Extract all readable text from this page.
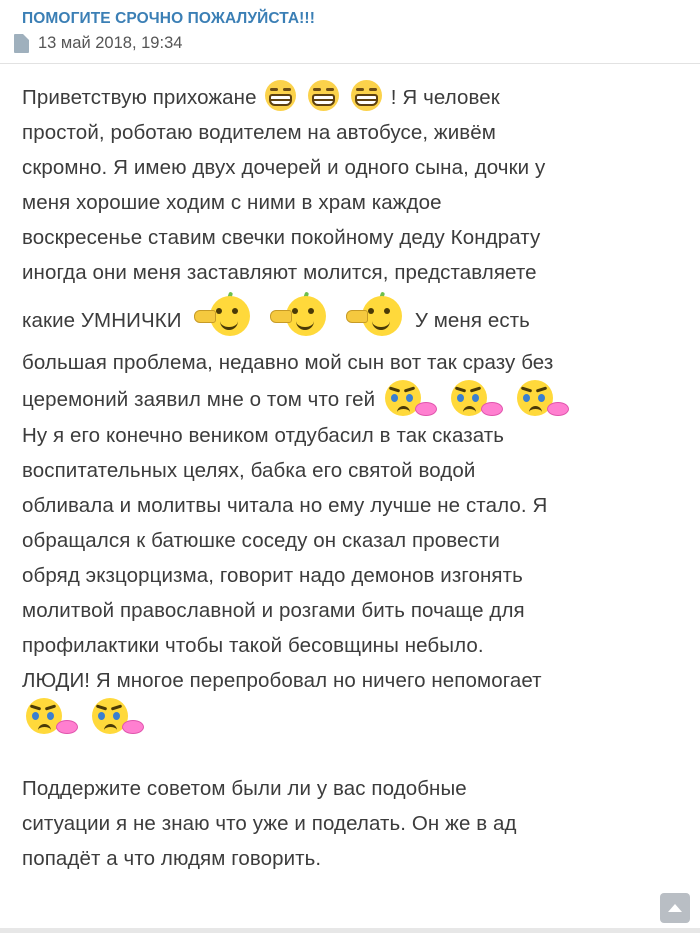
ПОМОГИТЕ СРОЧНО ПОЖАЛУЙСТА!!!
13 май 2018, 19:34

Приветствую прихожане

	! Я человек

простой, роботаю водителем на автобусе, живём

скромно. Я имею двух дочерей и одного сына, дочки у

меня хорошие ходим с ними в храм каждое

воскресенье ставим свечки покойному деду Кондрату

иногда они меня заставляют молится, представляете

какие УМНИЧКИ

	У меня есть

большая проблема, недавно мой сын вот так сразу без

церемоний заявил мне о том что гей

Ну я его конечно веником отдубасил в так сказать

воспитательных целях, бабка его святой водой

обливала и молитвы читала но ему лучше не стало. Я

обращался к батюшке соседу он сказал провести

обряд экзцорцизма, говорит надо демонов изгонять

молитвой православной и розгами бить почаще для

профилактики чтобы такой бесовщины небыло.

ЛЮДИ! Я многое перепробовал но ничего непомогает

Поддержите советом были ли у вас подобные

ситуации я не знаю что уже и поделать. Он же в ад

попадёт а что людям говорить.
